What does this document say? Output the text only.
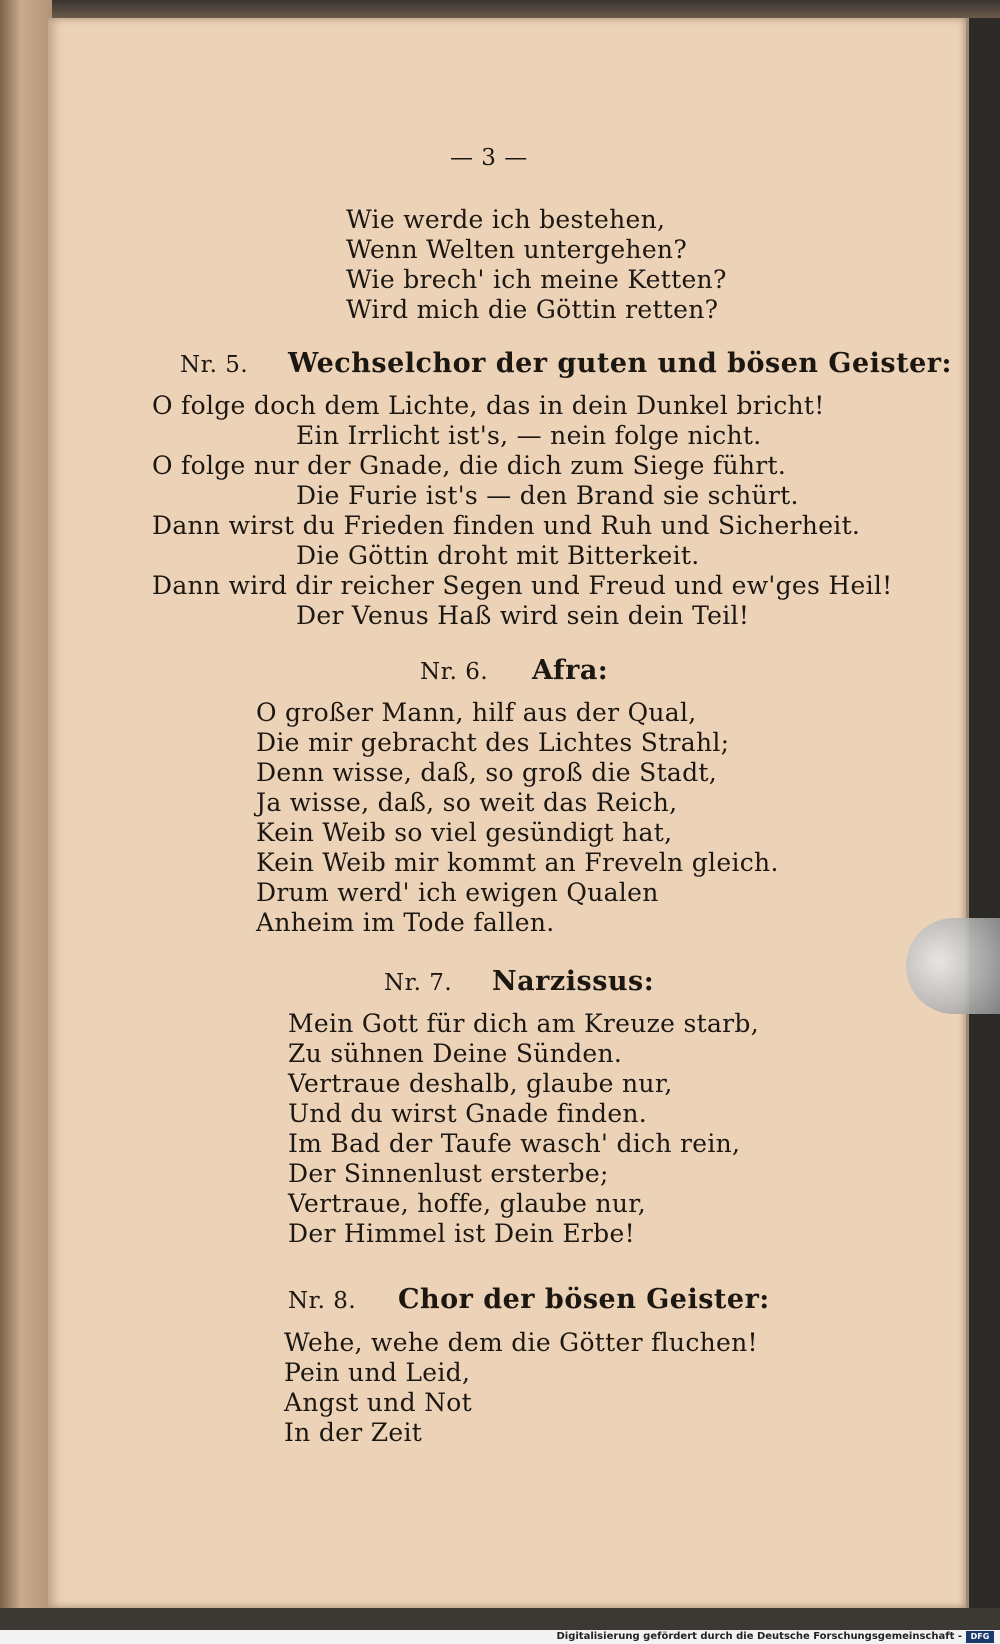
— 3 —
Wie werde ich bestehen,
Wenn Welten untergehen?
Wie brech' ich meine Ketten?
Wird mich die Göttin retten?
Nr. 5. Wechselchor der guten und bösen Geister:
O folge doch dem Lichte, das in dein Dunkel bricht!
Ein Irrlicht ist's, — nein folge nicht.
O folge nur der Gnade, die dich zum Siege führt.
Die Furie ist's — den Brand sie schürt.
Dann wirst du Frieden finden und Ruh und Sicherheit.
Die Göttin droht mit Bitterkeit.
Dann wird dir reicher Segen und Freud und ew'ges Heil!
Der Venus Haß wird sein dein Teil!
Nr. 6. Afra:
O großer Mann, hilf aus der Qual,
Die mir gebracht des Lichtes Strahl;
Denn wisse, daß, so groß die Stadt,
Ja wisse, daß, so weit das Reich,
Kein Weib so viel gesündigt hat,
Kein Weib mir kommt an Freveln gleich.
Drum werd' ich ewigen Qualen
Anheim im Tode fallen.
Nr. 7. Narzissus:
Mein Gott für dich am Kreuze starb,
Zu sühnen Deine Sünden.
Vertraue deshalb, glaube nur,
Und du wirst Gnade finden.
Im Bad der Taufe wasch' dich rein,
Der Sinnenlust ersterbe;
Vertraue, hoffe, glaube nur,
Der Himmel ist Dein Erbe!
Nr. 8. Chor der bösen Geister:
Wehe, wehe dem die Götter fluchen!
Pein und Leid,
Angst und Not
In der Zeit
Digitalisierung gefördert durch die Deutsche Forschungsgemeinschaft -	DFG
